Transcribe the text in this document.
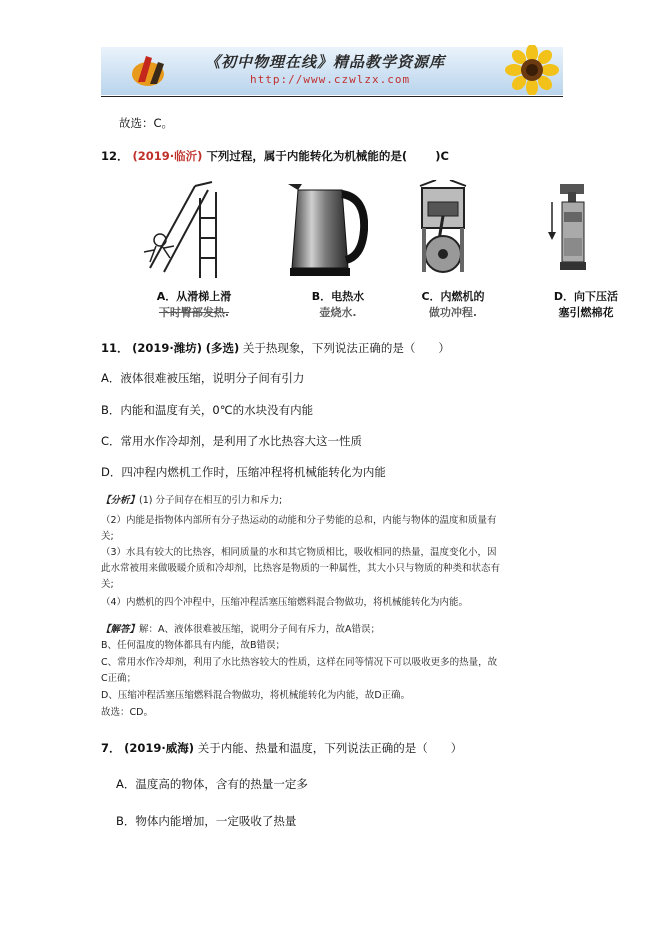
《初中物理在线》精品教学资源库
http://www.czwlzx.com
故选：C。
12． (2019·临沂) 下列过程，属于内能转化为机械能的是( )C
A．从滑梯上滑
下时臀部发热.
B．电热水
壶烧水.
C．内燃机的
做功冲程.
D．向下压活
塞引燃棉花
11． (2019·潍坊) (多选) 关于热现象，下列说法正确的是（　　）
A．液体很难被压缩，说明分子间有引力
B．内能和温度有关，0℃的水块没有内能
C．常用水作冷却剂，是利用了水比热容大这一性质
D．四冲程内燃机工作时，压缩冲程将机械能转化为内能
【分析】(1) 分子间存在相互的引力和斥力;
（2）内能是指物体内部所有分子热运动的动能和分子势能的总和，内能与物体的温度和质量有
关;
（3）水具有较大的比热容，相同质量的水和其它物质相比，吸收相同的热量，温度变化小，因
此水常被用来做吸暖介质和冷却剂，比热容是物质的一种属性，其大小只与物质的种类和状态有
关;
（4）内燃机的四个冲程中，压缩冲程活塞压缩燃料混合物做功，将机械能转化为内能。
【解答】解：A、液体很难被压缩，说明分子间有斥力，故A错误；
B、任何温度的物体都具有内能，故B错误；
C、常用水作冷却剂，利用了水比热容较大的性质，这样在同等情况下可以吸收更多的热量，故
C正确；
D、压缩冲程活塞压缩燃料混合物做功，将机械能转化为内能，故D正确。
故选：CD。
7． (2019·威海) 关于内能、热量和温度，下列说法正确的是（　　）
A．温度高的物体，含有的热量一定多
B．物体内能增加，一定吸收了热量
